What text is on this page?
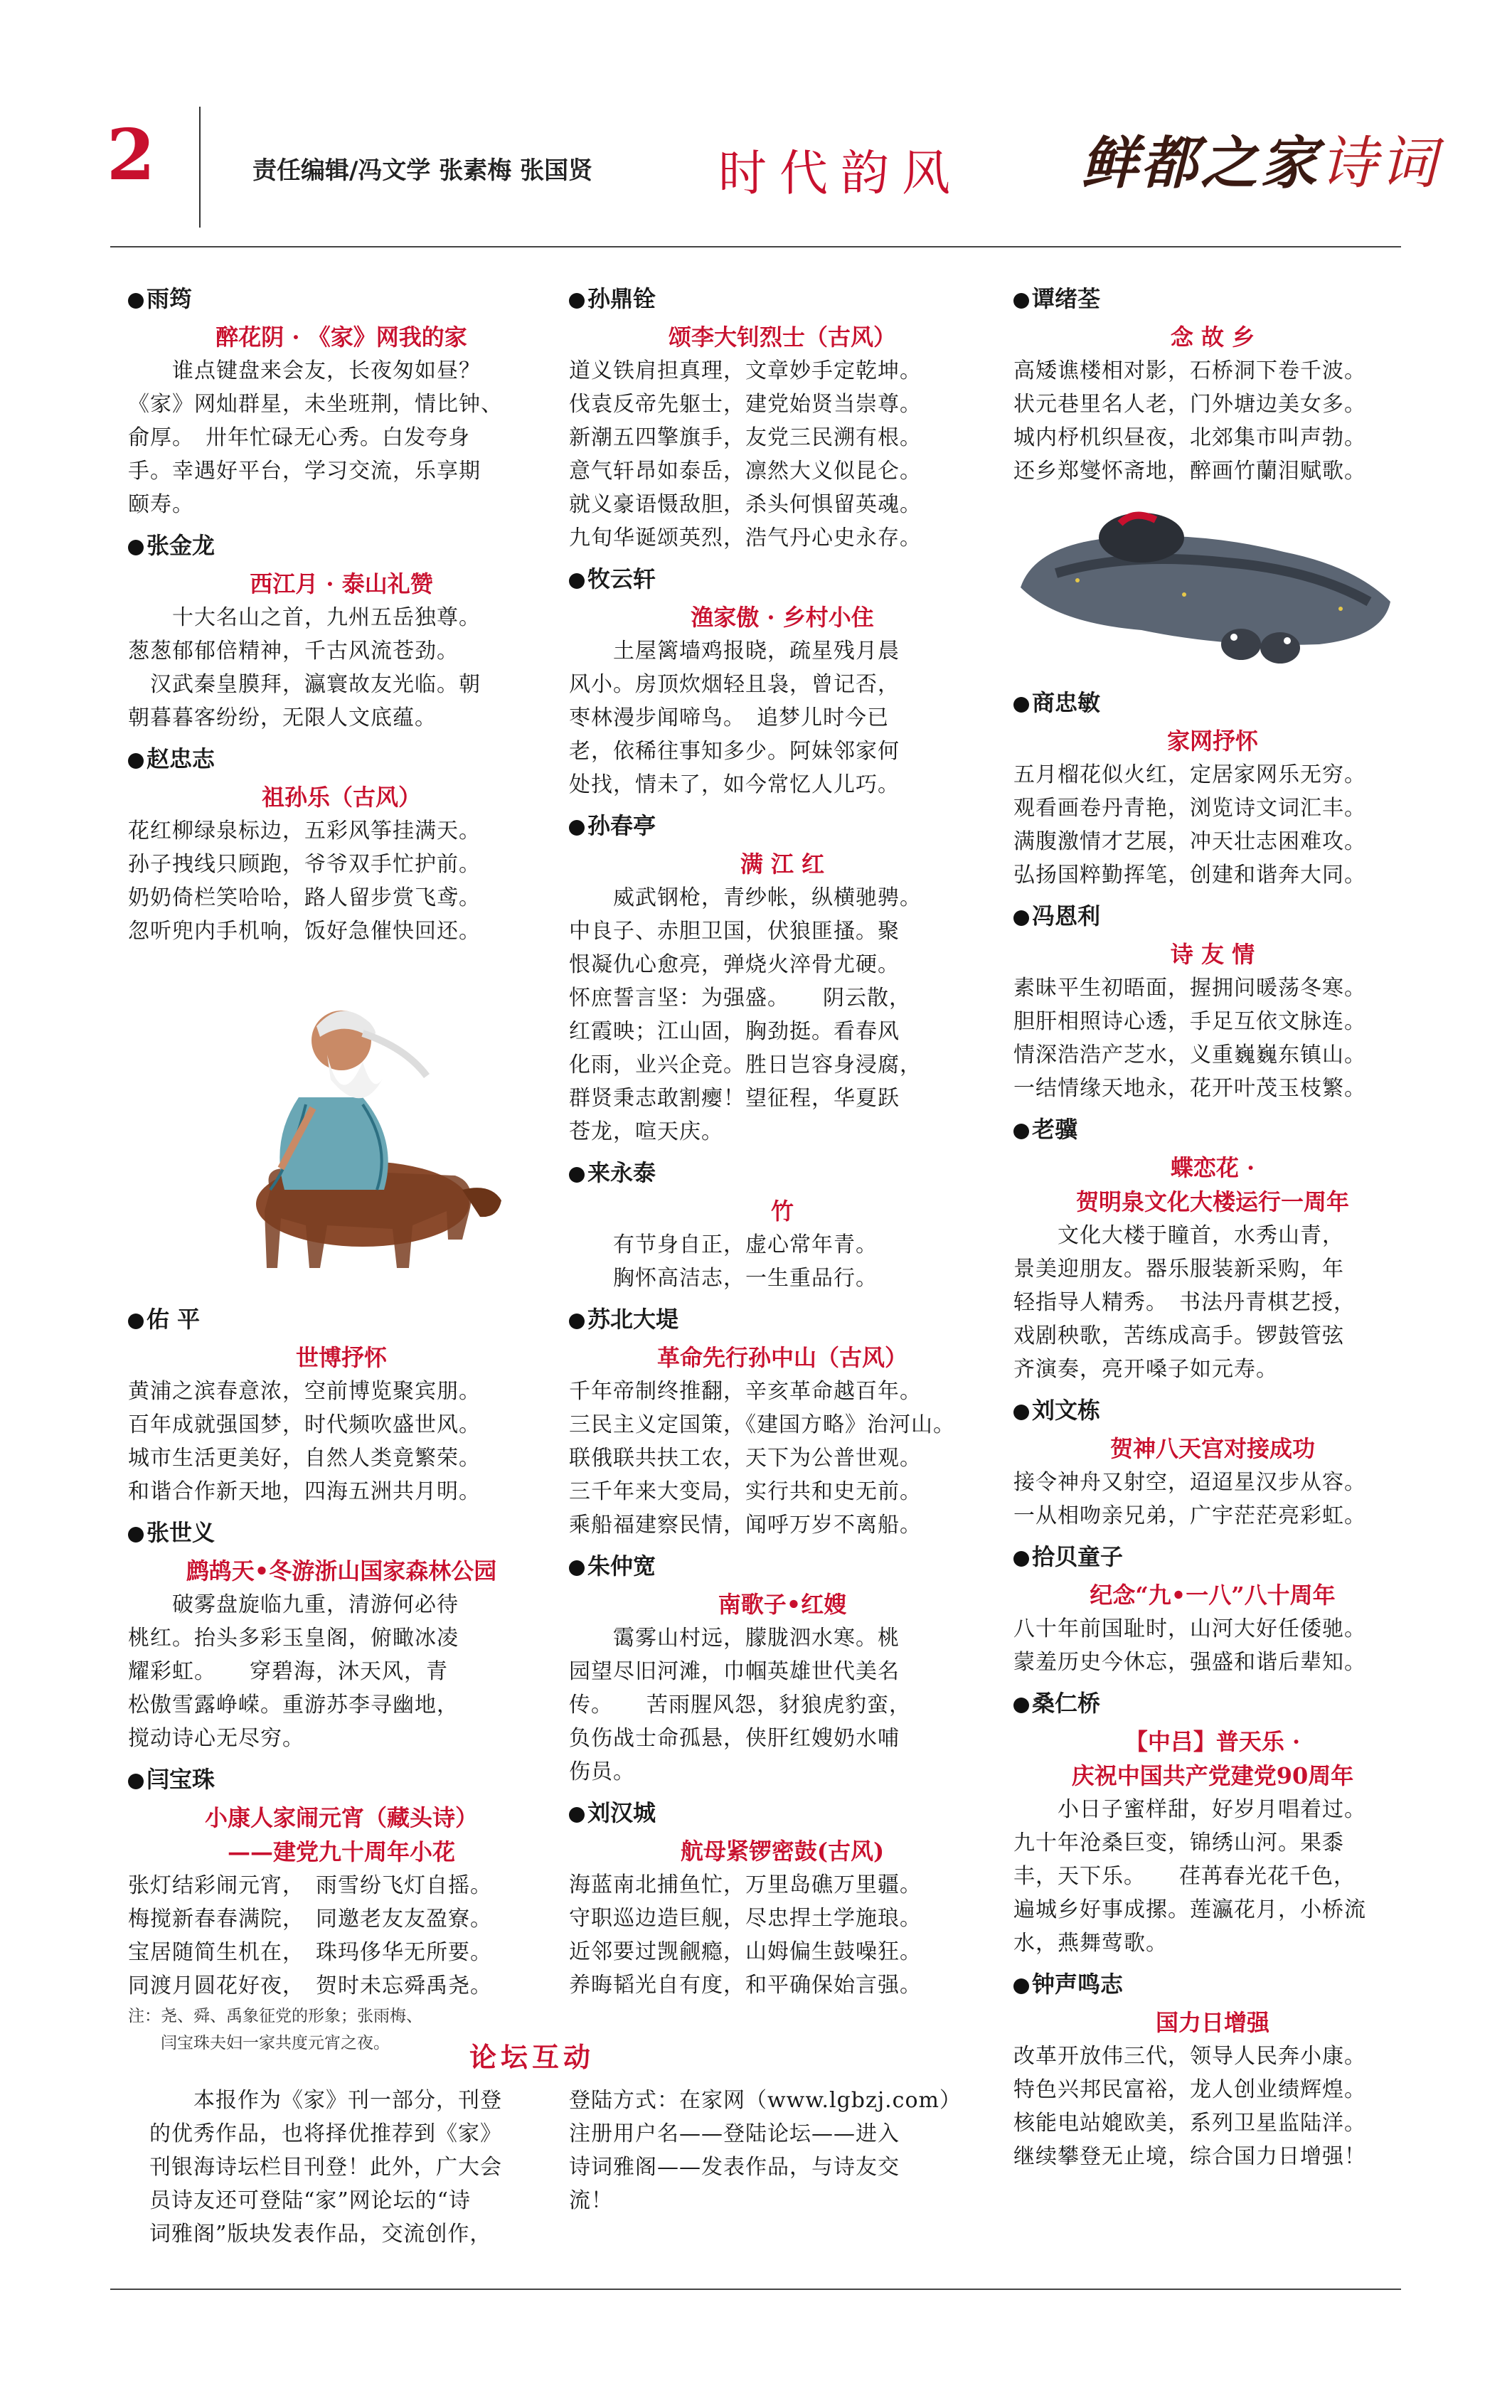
2	责任编辑/冯文学 张素梅 张国贤	时代韵风 鲜都之家诗词
雨筠
醉花阴 · 《家》网我的家
　　谁点键盘来会友，长夜匆如昼？
《家》网灿群星，未坐班荆，情比钟、
俞厚。　卅年忙碌无心秀。白发夸身
手。幸遇好平台，学习交流，乐享期
颐寿。
张金龙
西江月 · 泰山礼赞
　　十大名山之首，九州五岳独尊。
葱葱郁郁倍精神，千古风流苍劲。
　汉武秦皇膜拜，瀛寰故友光临。朝
朝暮暮客纷纷，无限人文底蕴。
赵忠志
祖孙乐（古风）
花红柳绿泉标边，五彩风筝挂满天。
孙子拽线只顾跑，爷爷双手忙护前。
奶奶倚栏笑哈哈，路人留步赏飞鸢。
忽听兜内手机响，饭好急催快回还。
佑 平
世博抒怀
黄浦之滨春意浓，空前博览聚宾朋。
百年成就强国梦，时代频吹盛世风。
城市生活更美好，自然人类竟繁荣。
和谐合作新天地，四海五洲共月明。
张世义
鹧鸪天•冬游浙山国家森林公园
　　破雾盘旋临九重，清游何必待
桃红。抬头多彩玉皇阁，俯瞰冰凌
耀彩虹。　　穿碧海，沐天风，青
松傲雪露峥嵘。重游苏李寻幽地，
搅动诗心无尽穷。
闫宝珠
小康人家闹元宵（藏头诗）
——建党九十周年小花
张灯结彩闹元宵，　雨雪纷飞灯自摇。
梅搅新春春满院，　同邀老友友盈寮。
宝居随简生机在，　珠玛侈华无所要。
同渡月圆花好夜，　贺时未忘舜禹尧。
注：尧、舜、禹象征党的形象；张雨梅、
　　闫宝珠夫妇一家共度元宵之夜。
孙鼎铨
颂李大钊烈士（古风）
道义铁肩担真理，文章妙手定乾坤。
伐袁反帝先躯士，建党始贤当崇尊。
新潮五四擎旗手，友党三民溯有根。
意气轩昂如泰岳，凛然大义似昆仑。
就义豪语慑敌胆，杀头何惧留英魂。
九旬华诞颂英烈，浩气丹心史永存。
牧云轩
渔家傲 · 乡村小住
　　土屋篱墙鸡报晓，疏星残月晨
风小。房顶炊烟轻且袅，曾记否，
枣林漫步闻啼鸟。　追梦儿时今已
老，依稀往事知多少。阿妹邻家何
处找，情未了，如今常忆人儿巧。
孙春亭
满 江 红
　　威武钢枪，青纱帐，纵横驰骋。
中良子、赤胆卫国，伏狼匪搔。聚
恨凝仇心愈亮，弹烧火淬骨尤硬。
怀庶誓言坚：为强盛。　　阴云散，
红霞映；江山固，胸劲挺。看春风
化雨，业兴企竞。胜日岂容身浸腐，
群贤秉志敢割瘿！望征程，华夏跃
苍龙，喧天庆。
来永泰
竹
　　有节身自正，虚心常年青。
　　胸怀高洁志，一生重品行。
苏北大堤
革命先行孙中山（古风）
千年帝制终推翻，辛亥革命越百年。
三民主义定国策，《建国方略》治河山。
联俄联共扶工农，天下为公普世观。
三千年来大变局，实行共和史无前。
乘船福建察民情，闻呼万岁不离船。
朱仲宽
南歌子•红嫂
　　霭雾山村远，朦胧泗水寒。桃
园望尽旧河滩，巾帼英雄世代美名
传。　　苦雨腥风怨，豺狼虎豹蛮，
负伤战士命孤悬，侠肝红嫂奶水哺
伤员。
刘汉城
航母紧锣密鼓(古风)
海蓝南北捕鱼忙，万里岛礁万里疆。
守职巡边造巨舰，尽忠捍土学施琅。
近邻要过觊觎瘾，山姆偏生鼓噪狂。
养晦韬光自有度，和平确保始言强。
谭绪荃
念 故 乡
高矮谯楼相对影，石桥洞下卷千波。
状元巷里名人老，门外塘边美女多。
城内杼机织昼夜，北郊集市叫声勃。
还乡郑燮怀斋地，醉画竹蘭泪赋歌。
商忠敏
家网抒怀
五月榴花似火红，定居家网乐无穷。
观看画卷丹青艳，浏览诗文词汇丰。
满腹激情才艺展，冲天壮志困难攻。
弘扬国粹勤挥笔，创建和谐奔大同。
冯恩利
诗 友 情
素昧平生初晤面，握拥问暖荡冬寒。
胆肝相照诗心透，手足互依文脉连。
情深浩浩产芝水，义重巍巍东镇山。
一结情缘天地永，花开叶茂玉枝繁。
老骥
蝶恋花 ·
贺明泉文化大楼运行一周年
　　文化大楼于瞳首，水秀山青，
景美迎朋友。器乐服装新采购，年
轻指导人精秀。　书法丹青棋艺授，
戏剧秧歌，苦练成高手。锣鼓管弦
齐演奏，亮开嗓子如元寿。
刘文栋
贺神八天宫对接成功
接令神舟又射空，迢迢星汉步从容。
一从相吻亲兄弟，广宇茫茫亮彩虹。
拾贝童子
纪念“九•一八”八十周年
八十年前国耻时，山河大好任倭驰。
蒙羞历史今休忘，强盛和谐后辈知。
桑仁桥
【中吕】普天乐 ·
庆祝中国共产党建党90周年
　　小日子蜜样甜，好岁月唱着过。
九十年沧桑巨变，锦绣山河。果黍
丰，天下乐。　　荏苒春光花千色，
遍城乡好事成摞。莲瀛花月，小桥流
水，燕舞莺歌。
钟声鸣志
国力日增强
改革开放伟三代，领导人民奔小康。
特色兴邦民富裕，龙人创业绩辉煌。
核能电站媲欧美，系列卫星监陆洋。
继续攀登无止境，综合国力日增强！
论坛互动
　　本报作为《家》刊一部分，刊登
的优秀作品，也将择优推荐到《家》
刊银海诗坛栏目刊登！此外，广大会
员诗友还可登陆“家”网论坛的“诗
词雅阁”版块发表作品，交流创作，
登陆方式：在家网（www.lgbzj.com）
注册用户名——登陆论坛——进入
诗词雅阁——发表作品，与诗友交
流！
